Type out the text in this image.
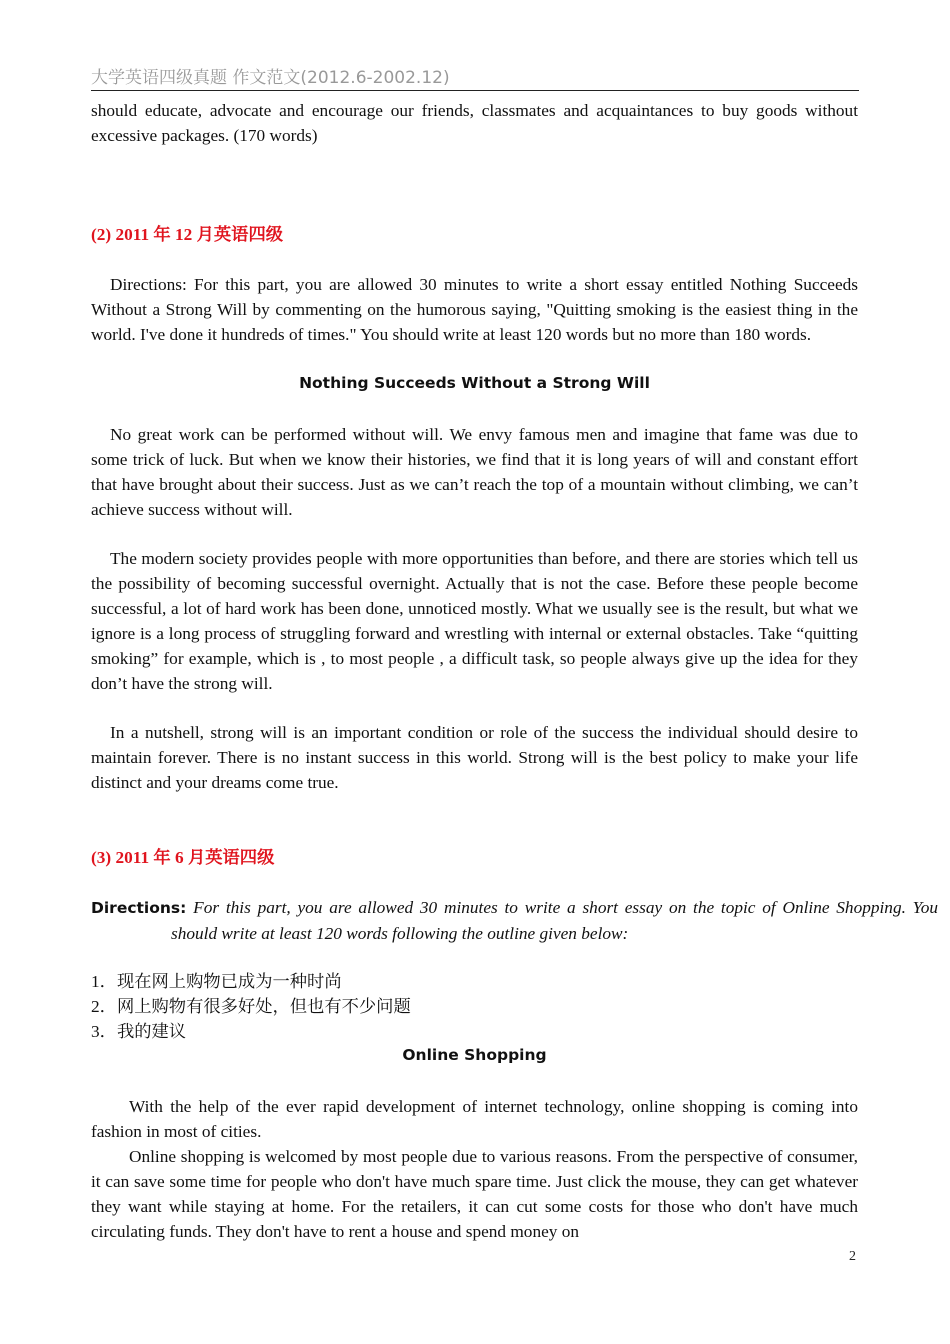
大学英语四级真题 作文范文(2012.6-2002.12)

should educate, advocate and encourage our friends, classmates and acquaintances to buy goods without excessive packages. (170 words)

(2) 2011 年 12 月英语四级

Directions: For this part, you are allowed 30 minutes to write a short essay entitled Nothing Succeeds Without a Strong Will by commenting on the humorous saying, "Quitting smoking is the easiest thing in the world. I've done it hundreds of times." You should write at least 120 words but no more than 180 words.

Nothing Succeeds Without a Strong Will

No great work can be performed without will. We envy famous men and imagine that fame was due to some trick of luck. But when we know their histories, we find that it is long years of will and constant effort that have brought about their success. Just as we can’t reach the top of a mountain without climbing, we can’t achieve success without will.

The modern society provides people with more opportunities than before, and there are stories which tell us the possibility of becoming successful overnight. Actually that is not the case. Before these people become successful, a lot of hard work has been done, unnoticed mostly. What we usually see is the result, but what we ignore is a long process of struggling forward and wrestling with internal or external obstacles. Take “quitting smoking” for example, which is , to most people , a difficult task, so people always give up the idea for they don’t have the strong will.

In a nutshell, strong will is an important condition or role of the success the individual should desire to maintain forever. There is no instant success in this world. Strong will is the best policy to make your life distinct and your dreams come true.

(3) 2011 年 6 月英语四级

Directions: For this part, you are allowed 30 minutes to write a short essay on the topic of Online Shopping. You should write at least 120 words following the outline given below:

1．现在网上购物已成为一种时尚
2．网上购物有很多好处，但也有不少问题
3．我的建议
Online Shopping

With the help of the ever rapid development of internet technology, online shopping is coming into fashion in most of cities.

Online shopping is welcomed by most people due to various reasons. From the perspective of consumer, it can save some time for people who don't have much spare time. Just click the mouse, they can get whatever they want while staying at home. For the retailers, it can cut some costs for those who don't have much circulating funds. They don't have to rent a house and spend money on

2
